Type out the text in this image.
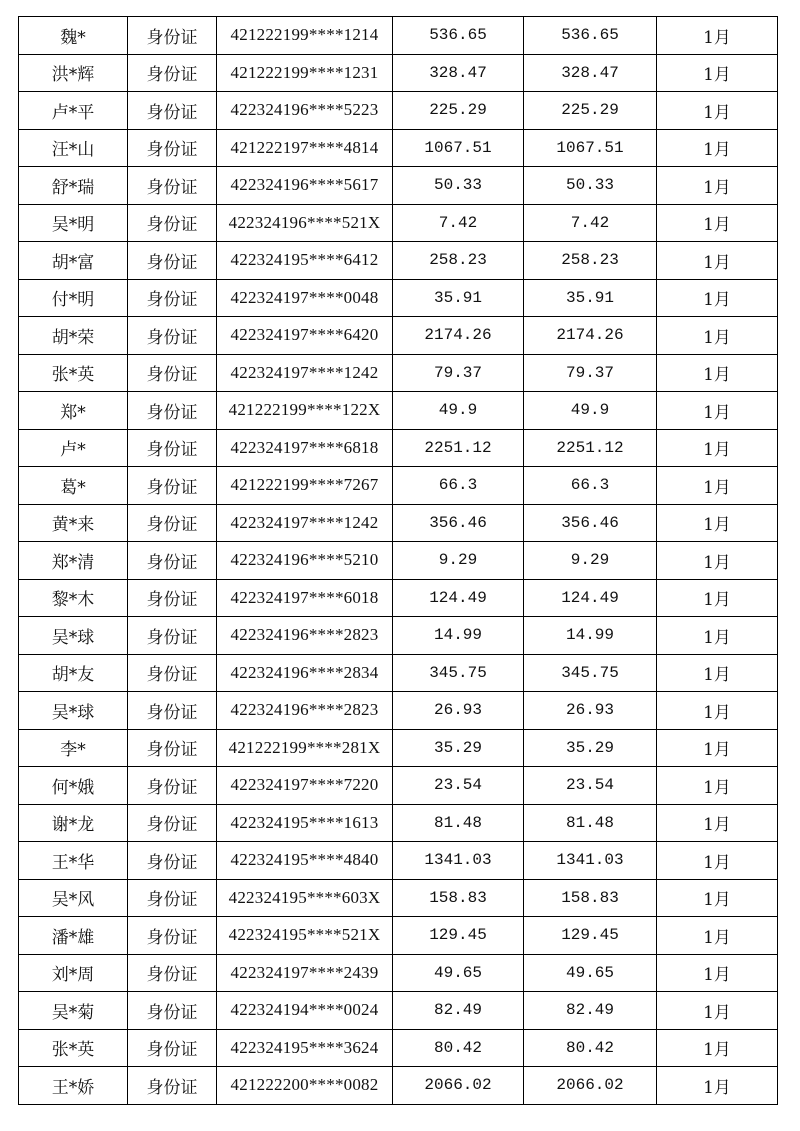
魏*	身份证	421222199****1214	536.65	536.65	1月
洪*辉	身份证	421222199****1231	328.47	328.47	1月
卢*平	身份证	422324196****5223	225.29	225.29	1月
汪*山	身份证	421222197****4814	1067.51	1067.51	1月
舒*瑞	身份证	422324196****5617	50.33	50.33	1月
吴*明	身份证	422324196****521X	7.42	7.42	1月
胡*富	身份证	422324195****6412	258.23	258.23	1月
付*明	身份证	422324197****0048	35.91	35.91	1月
胡*荣	身份证	422324197****6420	2174.26	2174.26	1月
张*英	身份证	422324197****1242	79.37	79.37	1月
郑*	身份证	421222199****122X	49.9	49.9	1月
卢*	身份证	422324197****6818	2251.12	2251.12	1月
葛*	身份证	421222199****7267	66.3	66.3	1月
黄*来	身份证	422324197****1242	356.46	356.46	1月
郑*清	身份证	422324196****5210	9.29	9.29	1月
黎*木	身份证	422324197****6018	124.49	124.49	1月
吴*球	身份证	422324196****2823	14.99	14.99	1月
胡*友	身份证	422324196****2834	345.75	345.75	1月
吴*球	身份证	422324196****2823	26.93	26.93	1月
李*	身份证	421222199****281X	35.29	35.29	1月
何*娥	身份证	422324197****7220	23.54	23.54	1月
谢*龙	身份证	422324195****1613	81.48	81.48	1月
王*华	身份证	422324195****4840	1341.03	1341.03	1月
吴*风	身份证	422324195****603X	158.83	158.83	1月
潘*雄	身份证	422324195****521X	129.45	129.45	1月
刘*周	身份证	422324197****2439	49.65	49.65	1月
吴*菊	身份证	422324194****0024	82.49	82.49	1月
张*英	身份证	422324195****3624	80.42	80.42	1月
王*娇	身份证	421222200****0082	2066.02	2066.02	1月
